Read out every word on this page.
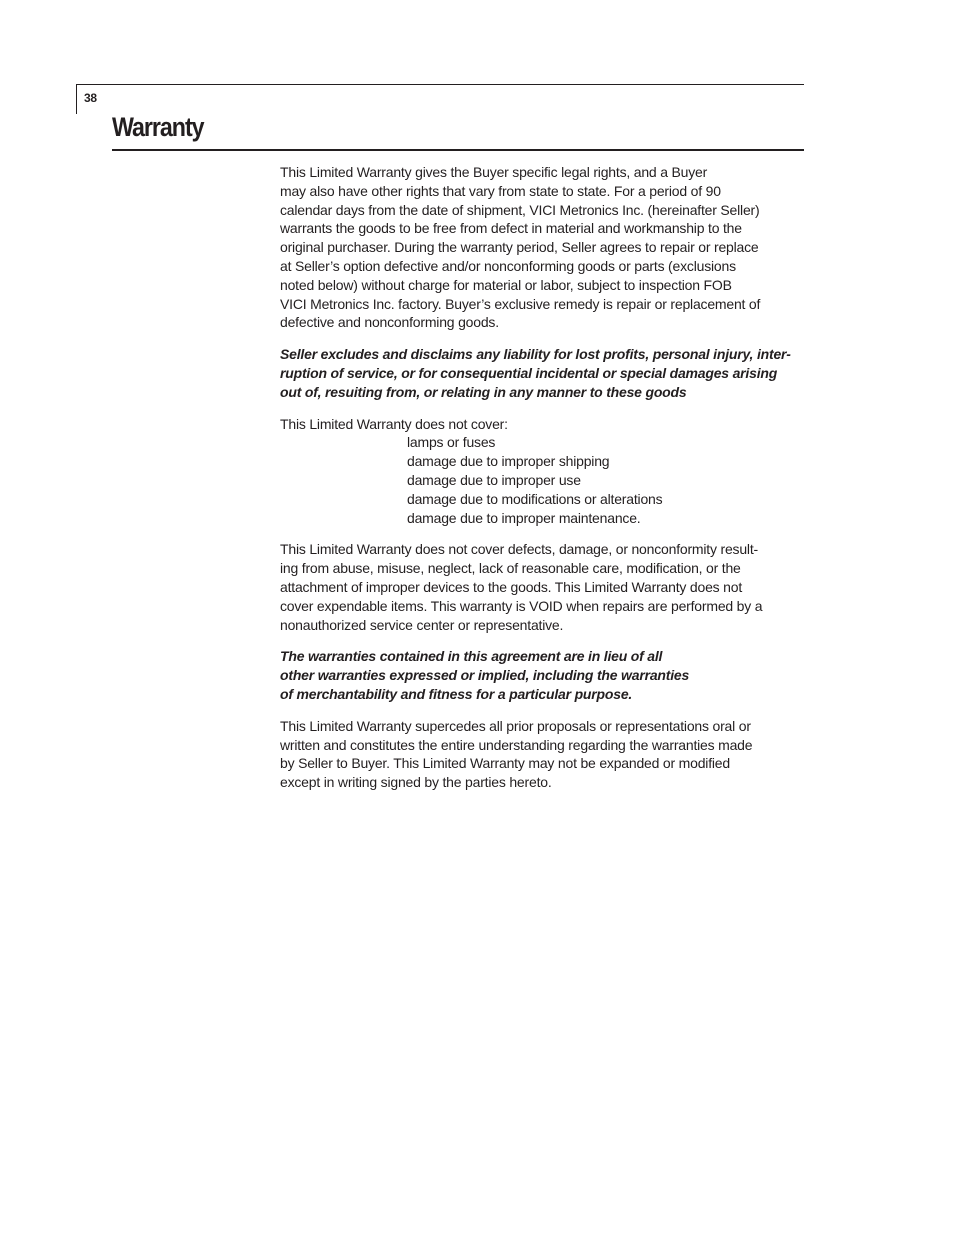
38
Warranty

This Limited Warranty gives the Buyer specific legal rights, and a Buyer
may also have other rights that vary from state to state. For a period of 90
calendar days from the date of shipment, VICI Metronics Inc. (hereinafter Seller)
warrants the goods to be free from defect in material and workmanship to the
original purchaser. During the warranty period, Seller agrees to repair or replace
at Seller’s option defective and/or nonconforming goods or parts (exclusions
noted below) without charge for material or labor, subject to inspection FOB
VICI Metronics Inc. factory. Buyer’s exclusive remedy is repair or replacement of
defective and nonconforming goods.

Seller excludes and disclaims any liability for lost profits, personal injury, inter-
ruption of service, or for consequential incidental or special damages arising
out of, resuiting from, or relating in any manner to these goods

This Limited Warranty does not cover:
lamps or fuses
damage due to improper shipping
damage due to improper use
damage due to modifications or alterations
damage due to improper maintenance.

This Limited Warranty does not cover defects, damage, or nonconformity result-
ing from abuse, misuse, neglect, lack of reasonable care, modification, or the
attachment of improper devices to the goods. This Limited Warranty does not
cover expendable items. This warranty is VOID when repairs are performed by a
nonauthorized service center or representative.

The warranties contained in this agreement are in lieu of all
other warranties expressed or implied, including the warranties
of merchantability and fitness for a particular purpose.

This Limited Warranty supercedes all prior proposals or representations oral or
written and constitutes the entire understanding regarding the warranties made
by Seller to Buyer. This Limited Warranty may not be expanded or modified
except in writing signed by the parties hereto.
